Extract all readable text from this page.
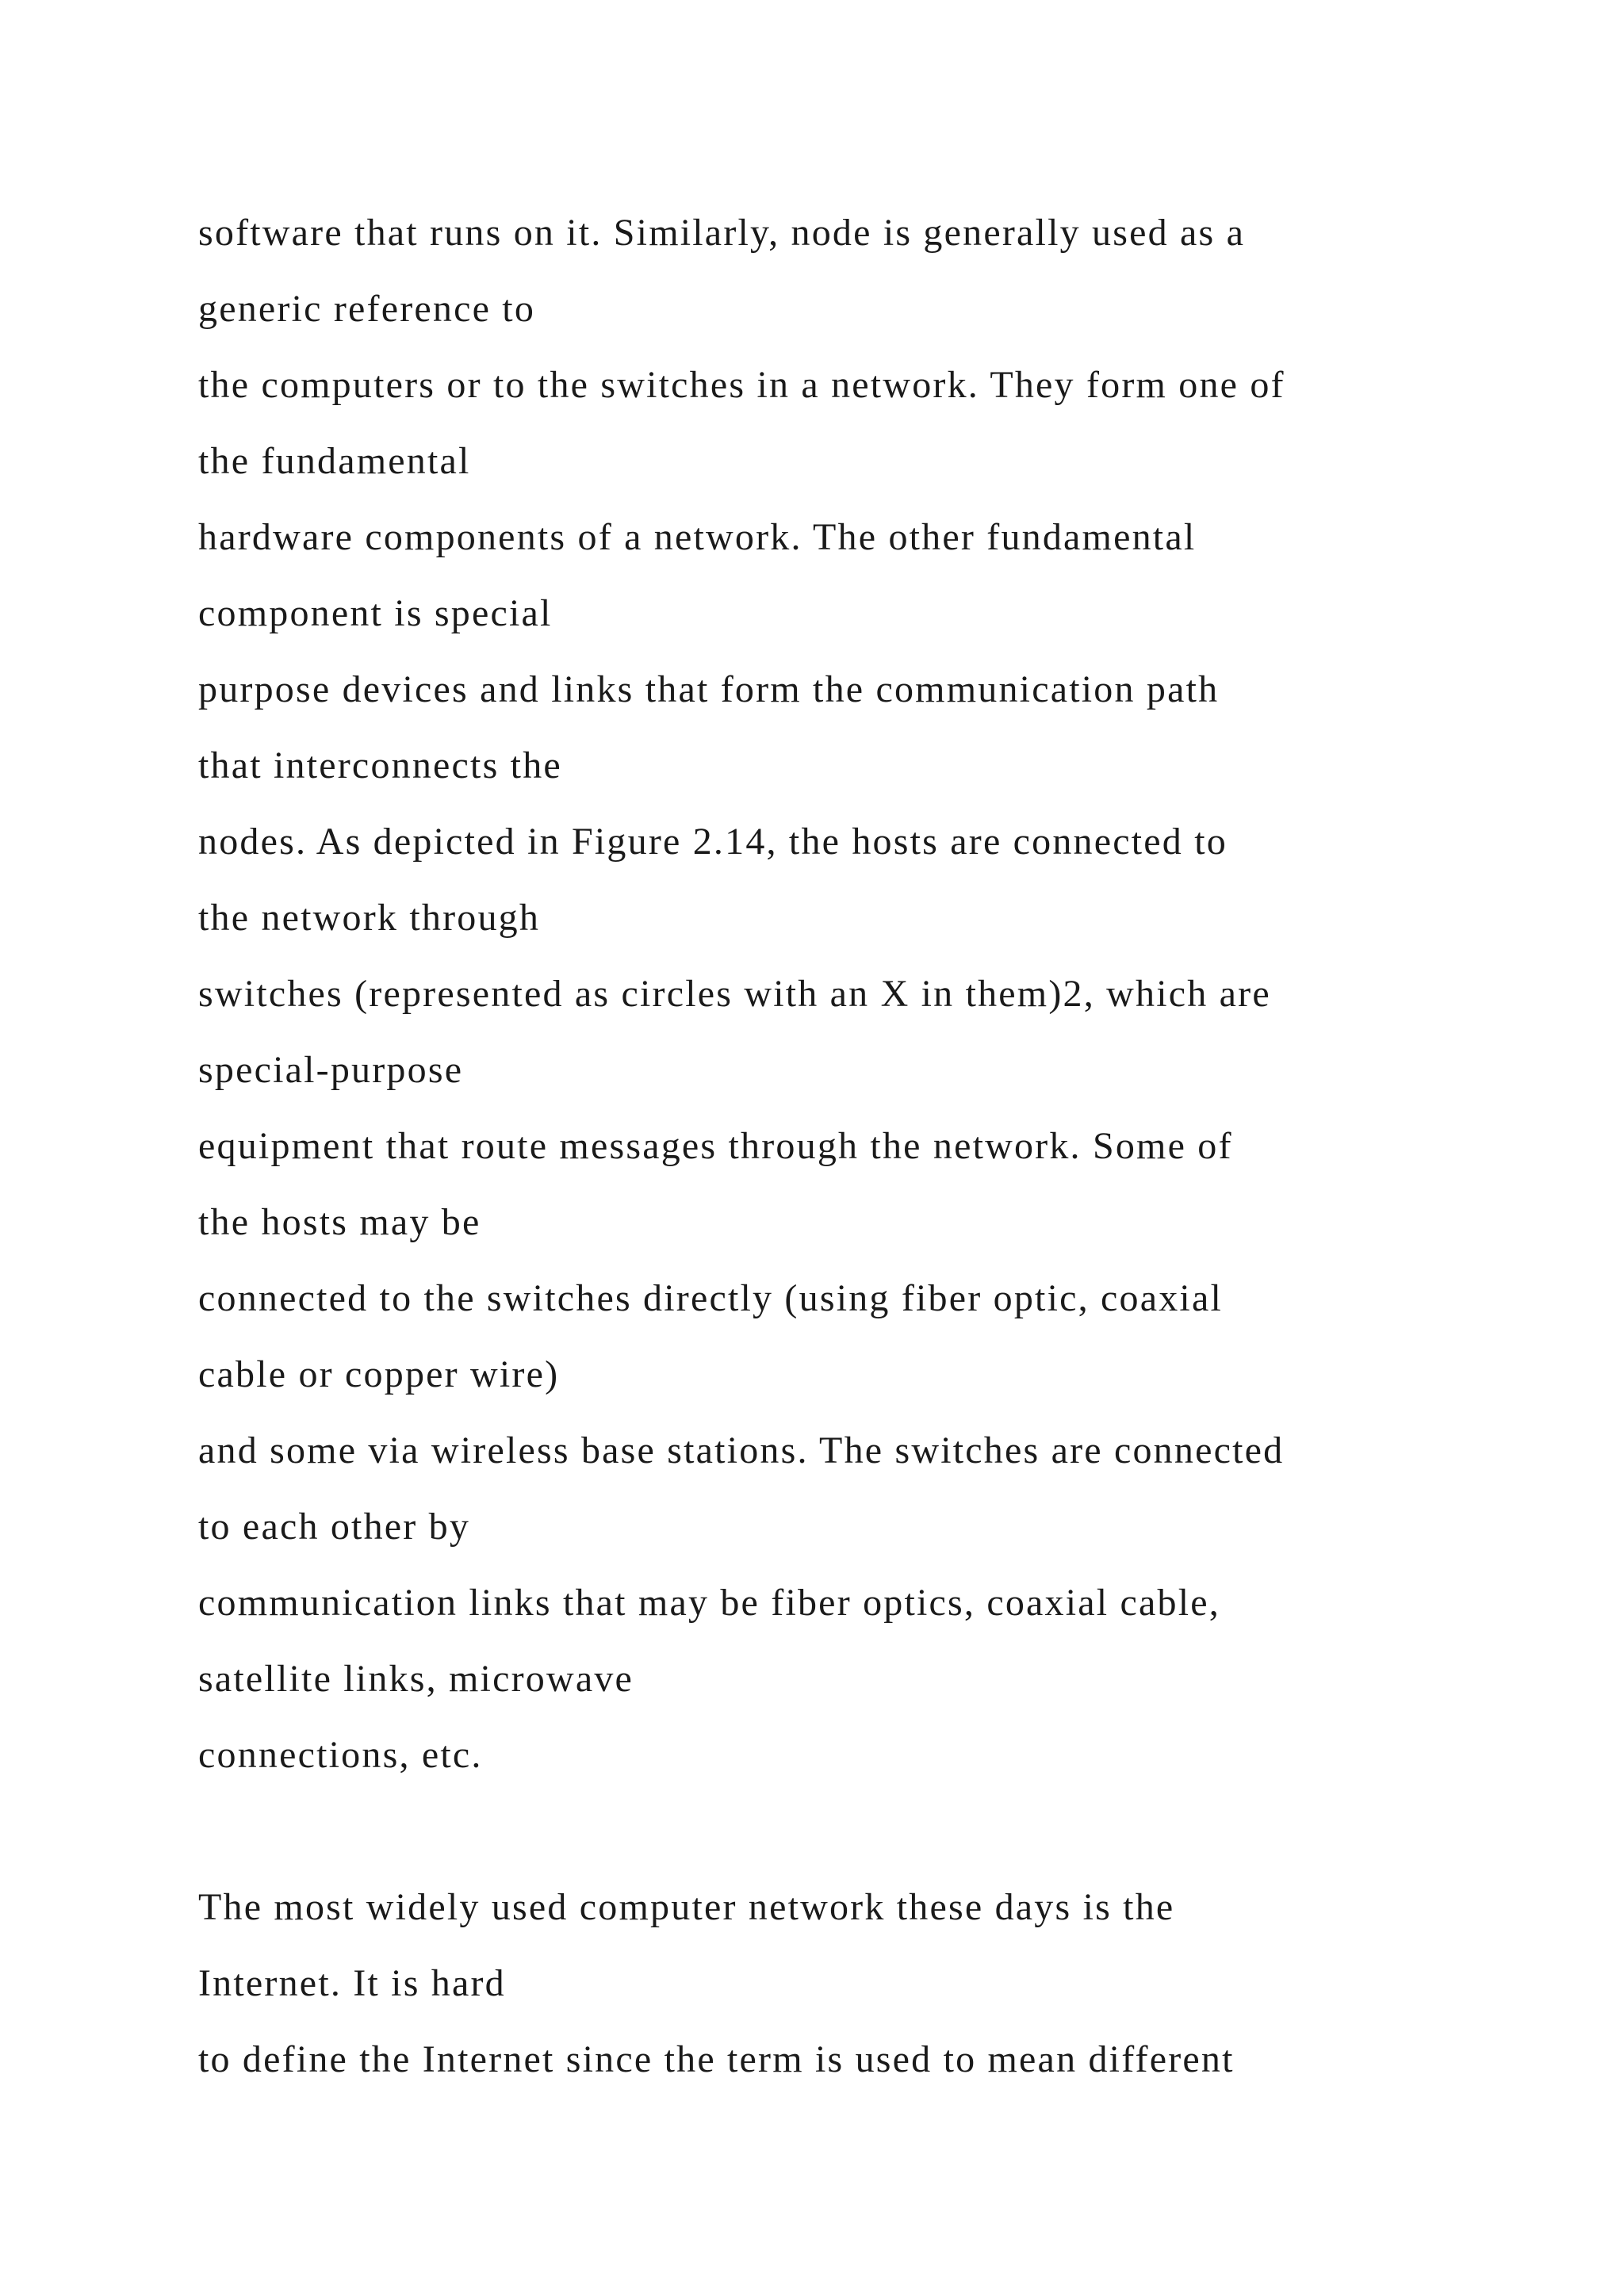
software that runs on it. Similarly, node is generally used as a
generic reference to
the computers or to the switches in a network. They form one of
the fundamental
hardware components of a network. The other fundamental
component is special
purpose devices and links that form the communication path
that interconnects the
nodes. As depicted in Figure 2.14, the hosts are connected to
the network through
switches (represented as circles with an X in them)2, which are
special-purpose
equipment that route messages through the network. Some of
the hosts may be
connected to the switches directly (using fiber optic, coaxial
cable or copper wire)
and some via wireless base stations. The switches are connected
to each other by
communication links that may be fiber optics, coaxial cable,
satellite links, microwave
connections, etc.
The most widely used computer network these days is the
Internet. It is hard
to define the Internet since the term is used to mean different
